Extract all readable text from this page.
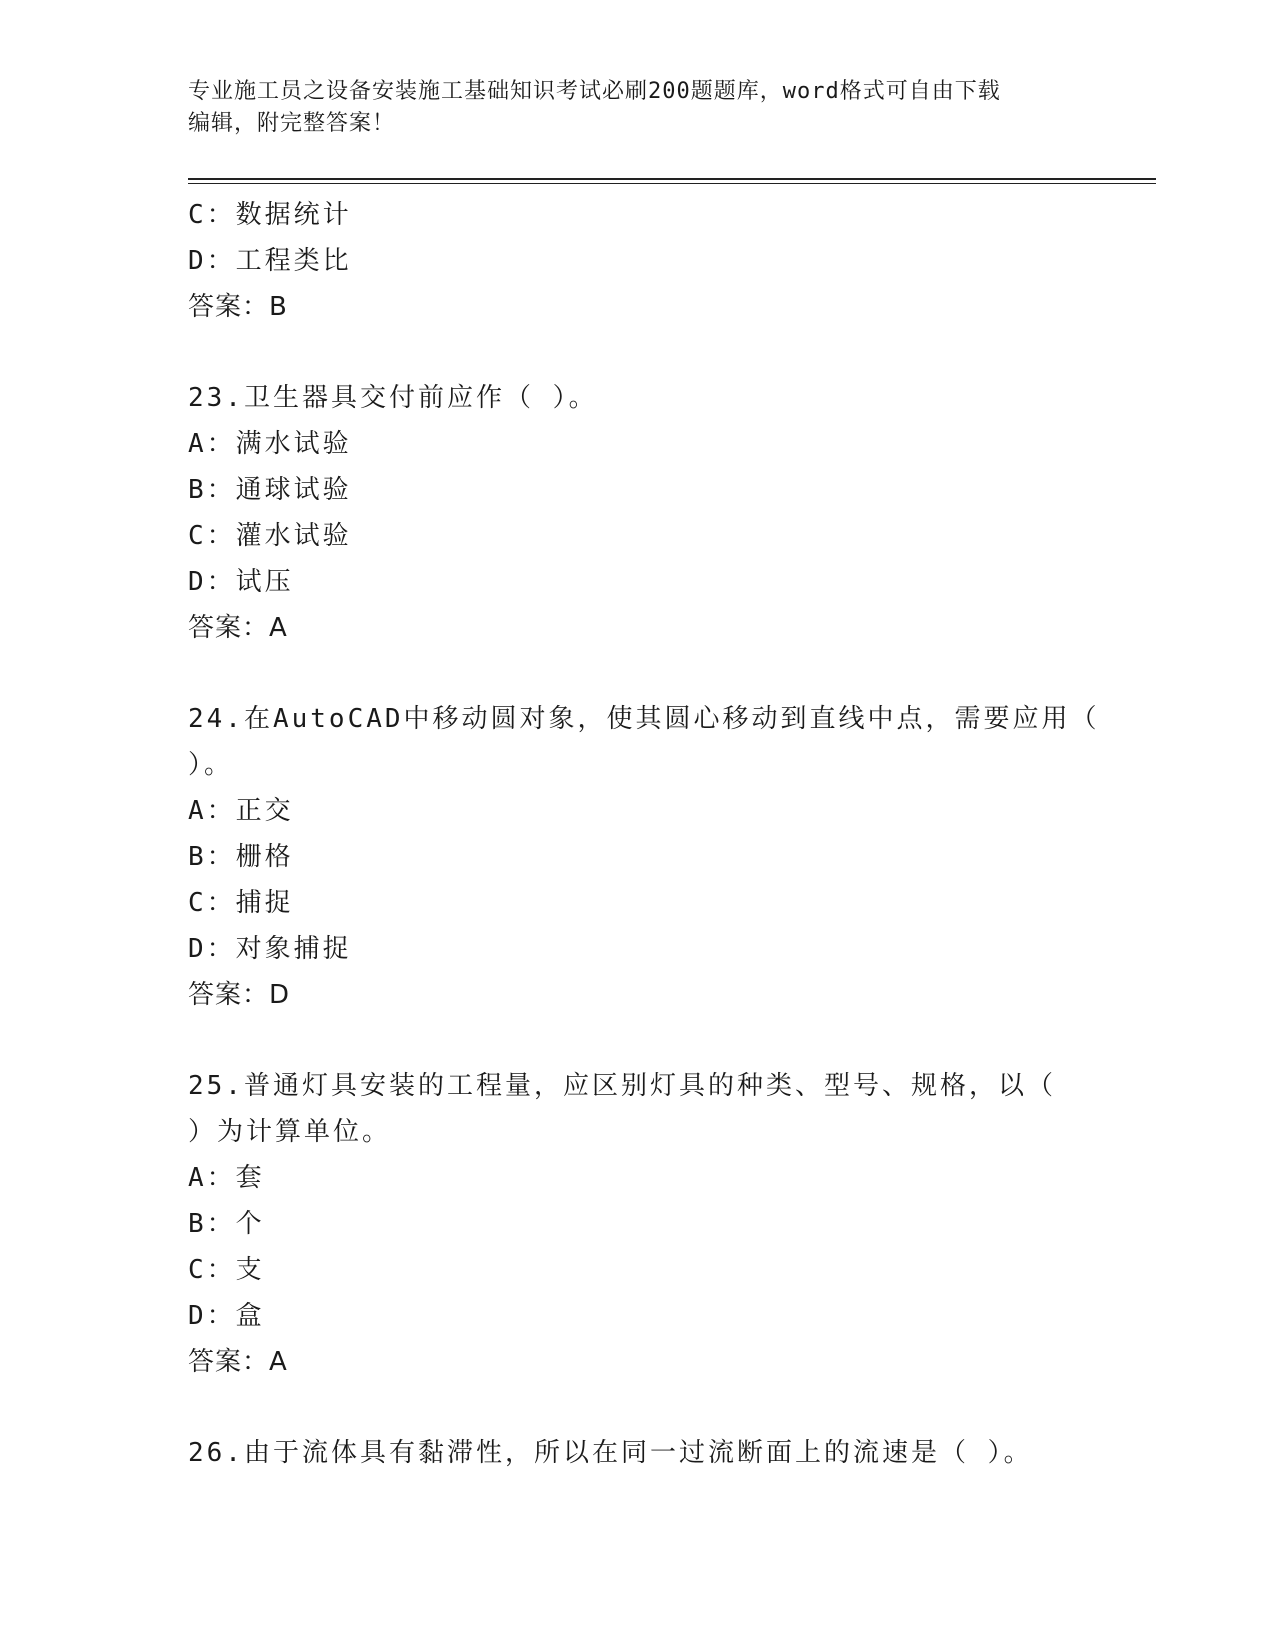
专业施工员之设备安装施工基础知识考试必刷200题题库，word格式可自由下载
编辑，附完整答案！
C：数据统计
D：工程类比
答案：B
23.卫生器具交付前应作（ ）。
A：满水试验
B：通球试验
C：灌水试验
D：试压
答案：A
24.在AutoCAD中移动圆对象，使其圆心移动到直线中点，需要应用（
）。
A：正交
B：栅格
C：捕捉
D：对象捕捉
答案：D
25.普通灯具安装的工程量，应区别灯具的种类、型号、规格，以（
）为计算单位。
A：套
B：个
C：支
D：盒
答案：A
26.由于流体具有黏滞性，所以在同一过流断面上的流速是（ ）。
